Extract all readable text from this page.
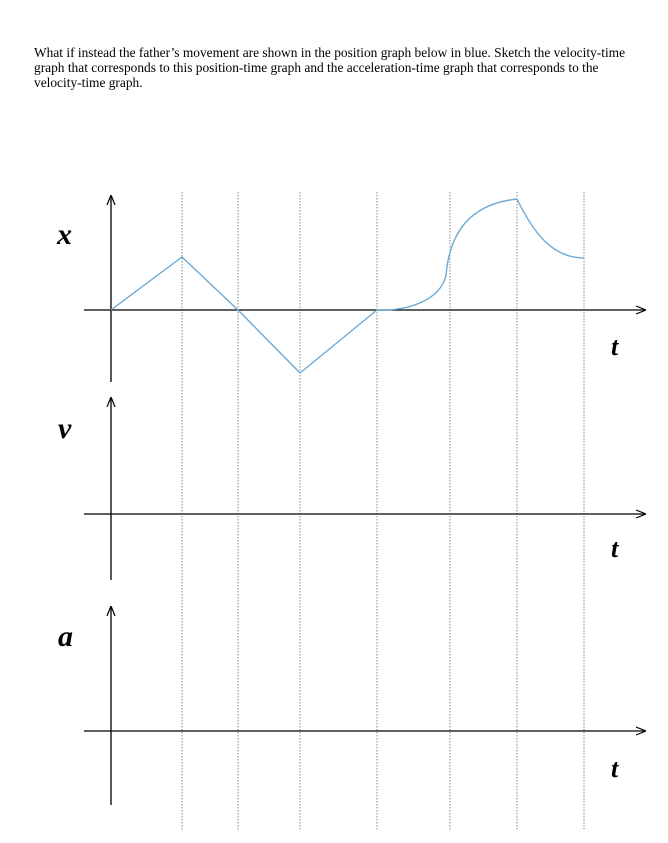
What if instead the father’s movement are shown in the position graph below in blue. Sketch the velocity-time graph that corresponds to this position-time graph and the acceleration-time graph that corresponds to the velocity-time graph.

x
t
v
t
a
t
